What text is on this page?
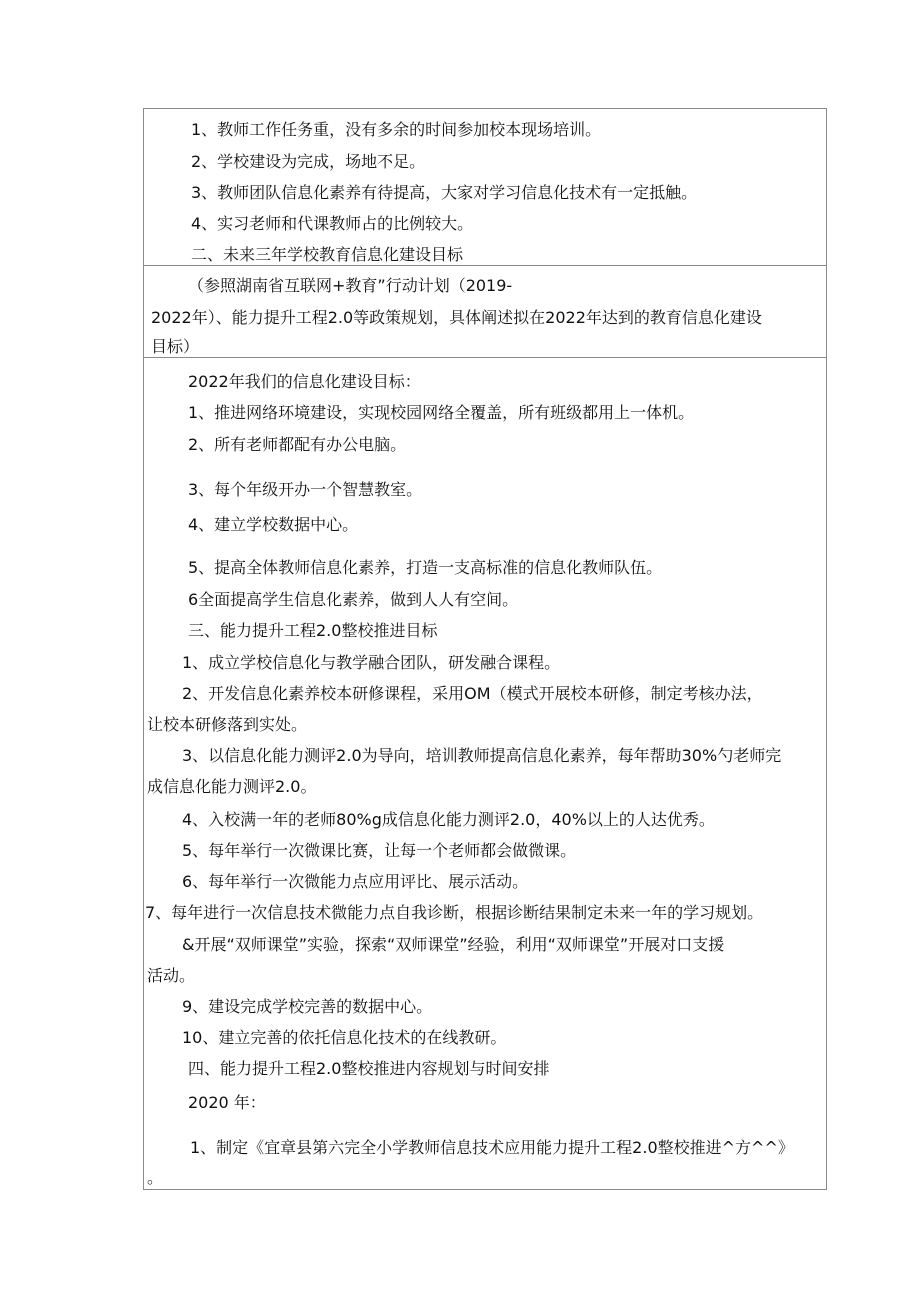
1、教师工作任务重，没有多余的时间参加校本现场培训。
2、学校建设为完成，场地不足。
3、教师团队信息化素养有待提高，大家对学习信息化技术有一定抵触。
4、实习老师和代课教师占的比例较大。
二、未来三年学校教育信息化建设目标
（参照湖南省互联网+教育”行动计划（2019-
2022年）、能力提升工程2.0等政策规划，具体阐述拟在2022年达到的教育信息化建设
目标）
2022年我们的信息化建设目标：
1、推进网络环境建设，实现校园网络全覆盖，所有班级都用上一体机。
2、所有老师都配有办公电脑。
3、每个年级开办一个智慧教室。
4、建立学校数据中心。
5、提高全体教师信息化素养，打造一支高标准的信息化教师队伍。
6全面提高学生信息化素养，做到人人有空间。
三、能力提升工程2.0整校推进目标
1、成立学校信息化与教学融合团队，研发融合课程。
2、开发信息化素养校本研修课程，采用OM（模式开展校本研修，制定考核办法，
让校本研修落到实处。
3、以信息化能力测评2.0为导向，培训教师提高信息化素养，每年帮助30%勺老师完
成信息化能力测评2.0。
4、入校满一年的老师80%g成信息化能力测评2.0，40%以上的人达优秀。
5、每年举行一次微课比赛，让每一个老师都会做微课。
6、每年举行一次微能力点应用评比、展示活动。
7、每年进行一次信息技术微能力点自我诊断，根据诊断结果制定未来一年的学习规划。
&开展“双师课堂”实验，探索“双师课堂”经验，利用“双师课堂”开展对口支援
活动。
9、建设完成学校完善的数据中心。
10、建立完善的依托信息化技术的在线教研。
四、能力提升工程2.0整校推进内容规划与时间安排
2020 年：
1、制定《宜章县第六完全小学教师信息技术应用能力提升工程2.0整校推进^方^^》
。
